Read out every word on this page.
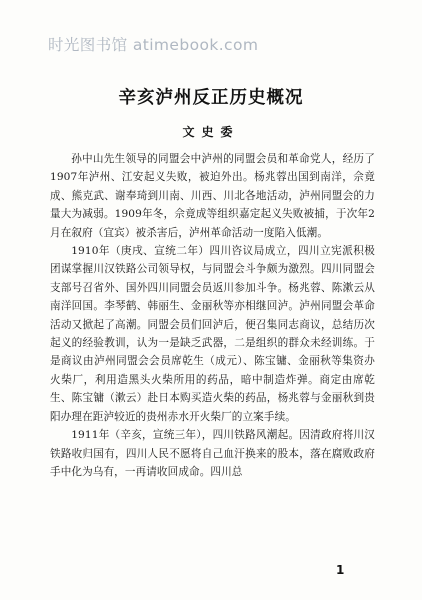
时光图书馆 atimebook.com
辛亥泸州反正历史概况
文史委

孙中山先生领导的同盟会中泸州的同盟会员和革命党人，经历了1907年泸州、江安起义失败，被迫外出。杨兆蓉出国到南洋，佘竟成、熊克武、谢奉琦到川南、川西、川北各地活动，泸州同盟会的力量大为减弱。1909年冬，佘竟成等组织嘉定起义失败被捕，于次年2月在叙府（宜宾）被杀害后，泸州革命活动一度陷入低潮。

1910年（庚戌、宣统二年）四川咨议局成立，四川立宪派积极团谋掌握川汉铁路公司领导权，与同盟会斗争颇为激烈。四川同盟会支部号召省外、国外四川同盟会员返川参加斗争。杨兆蓉、陈漱云从南洋回国。李琴鹤、韩丽生、金丽秋等亦相继回泸。泸州同盟会革命活动又掀起了高潮。同盟会员们回泸后，便召集同志商议，总结历次起义的经验教训，认为一是缺乏武器，二是组织的群众未经训练。于是商议由泸州同盟会会员席乾生（成元）、陈宝镛、金丽秋等集资办火柴厂，利用造黑头火柴所用的药品，暗中制造炸弹。商定由席乾生、陈宝镛（漱云）赴日本购买造火柴的药品，杨兆蓉与金丽秋到贵阳办理在距泸较近的贵州赤水开火柴厂的立案手续。

1911年（辛亥，宣统三年），四川铁路风潮起。因清政府将川汉铁路收归国有，四川人民不愿将自己血汗换来的股本，落在腐败政府手中化为乌有，一再请收回成命。四川总

1
